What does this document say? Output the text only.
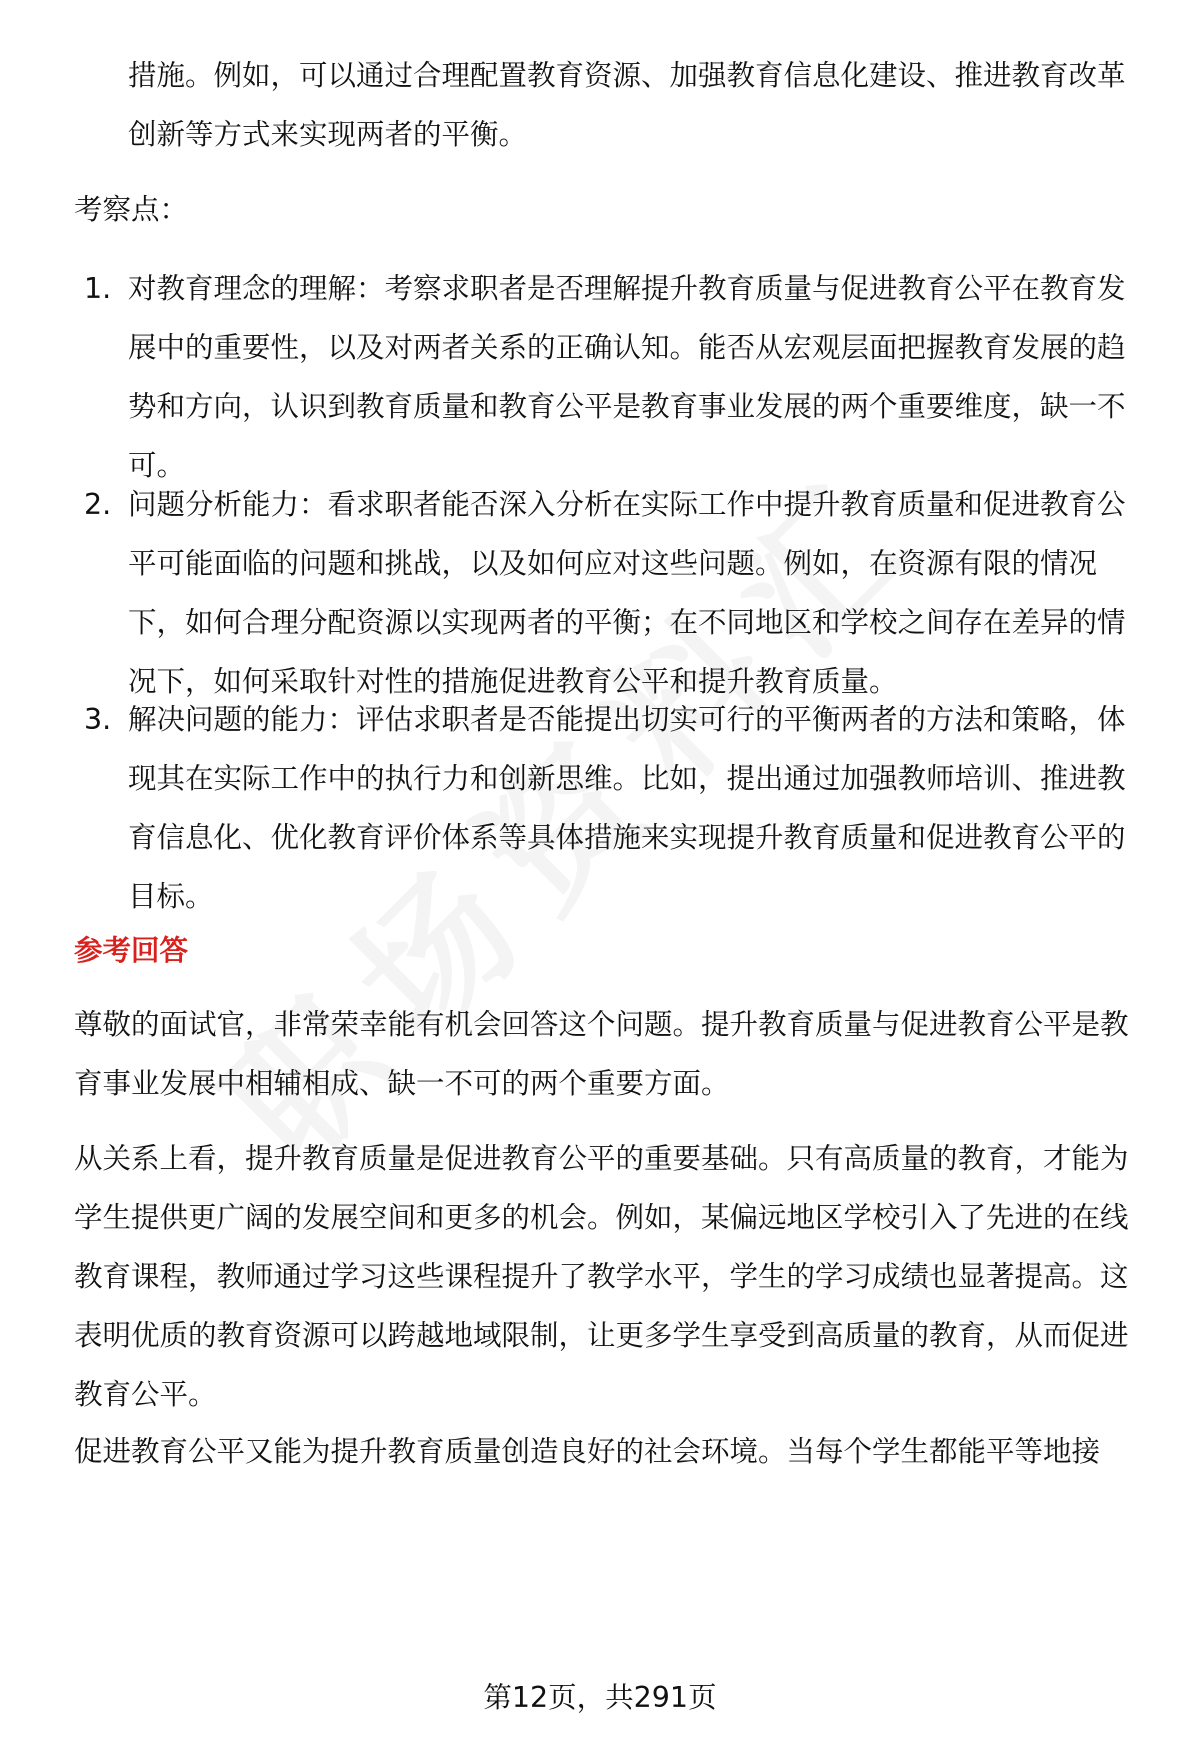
措施。例如，可以通过合理配置教育资源、加强教育信息化建设、推进教育改革创新等方式来实现两者的平衡。
考察点：
1. 对教育理念的理解：考察求职者是否理解提升教育质量与促进教育公平在教育发展中的重要性，以及对两者关系的正确认知。能否从宏观层面把握教育发展的趋势和方向，认识到教育质量和教育公平是教育事业发展的两个重要维度，缺一不可。
2. 问题分析能力：看求职者能否深入分析在实际工作中提升教育质量和促进教育公平可能面临的问题和挑战，以及如何应对这些问题。例如，在资源有限的情况下，如何合理分配资源以实现两者的平衡；在不同地区和学校之间存在差异的情况下，如何采取针对性的措施促进教育公平和提升教育质量。
3. 解决问题的能力：评估求职者是否能提出切实可行的平衡两者的方法和策略，体现其在实际工作中的执行力和创新思维。比如，提出通过加强教师培训、推进教育信息化、优化教育评价体系等具体措施来实现提升教育质量和促进教育公平的目标。
参考回答
尊敬的面试官，非常荣幸能有机会回答这个问题。提升教育质量与促进教育公平是教育事业发展中相辅相成、缺一不可的两个重要方面。
从关系上看，提升教育质量是促进教育公平的重要基础。只有高质量的教育，才能为学生提供更广阔的发展空间和更多的机会。例如，某偏远地区学校引入了先进的在线教育课程，教师通过学习这些课程提升了教学水平，学生的学习成绩也显著提高。这表明优质的教育资源可以跨越地域限制，让更多学生享受到高质量的教育，从而促进教育公平。
促进教育公平又能为提升教育质量创造良好的社会环境。当每个学生都能平等地接
第12页，共291页
